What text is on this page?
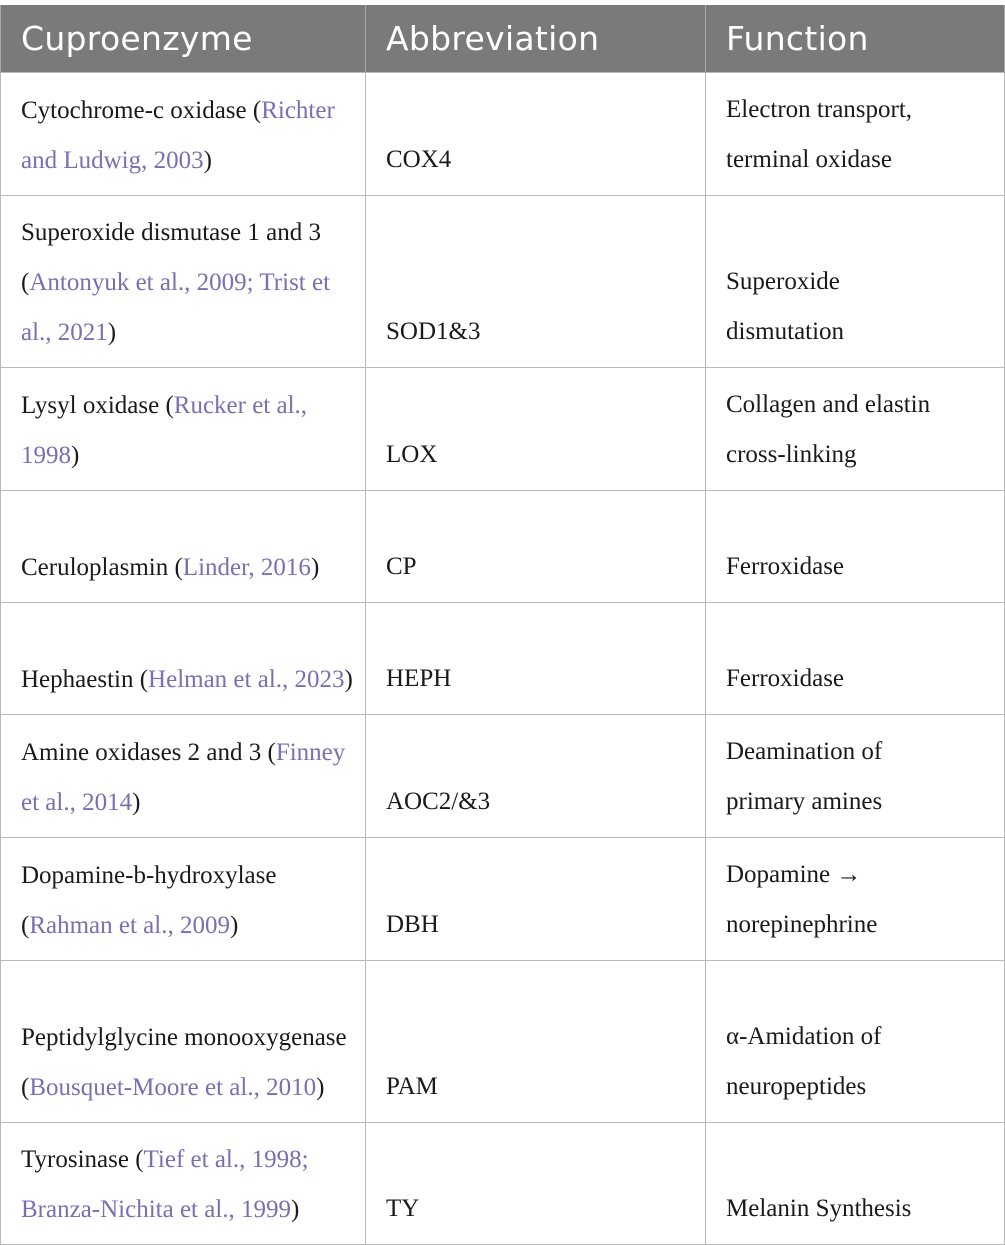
Cuproenzyme	Abbreviation	Function
Cytochrome-c oxidase (Richter and Ludwig, 2003)	COX4	Electron transport,
terminal oxidase

Superoxide dismutase 1 and 3 (Antonyuk et al., 2009; Trist et al., 2021)	SOD1&3	Superoxide
dismutation

Lysyl oxidase (Rucker et al., 1998)	LOX	Collagen and elastin
cross-linking

Ceruloplasmin (Linder, 2016)	CP	Ferroxidase

Hephaestin (Helman et al., 2023)	HEPH	Ferroxidase

Amine oxidases 2 and 3 (Finney et al., 2014)	AOC2/&3	Deamination of
primary amines

Dopamine-b-hydroxylase (Rahman et al., 2009)	DBH	Dopamine →
norepinephrine

Peptidylglycine monooxygenase (Bousquet-Moore et al., 2010)	PAM	α-Amidation of
neuropeptides

Tyrosinase (Tief et al., 1998; Branza-Nichita et al., 1999)	TY	Melanin Synthesis
